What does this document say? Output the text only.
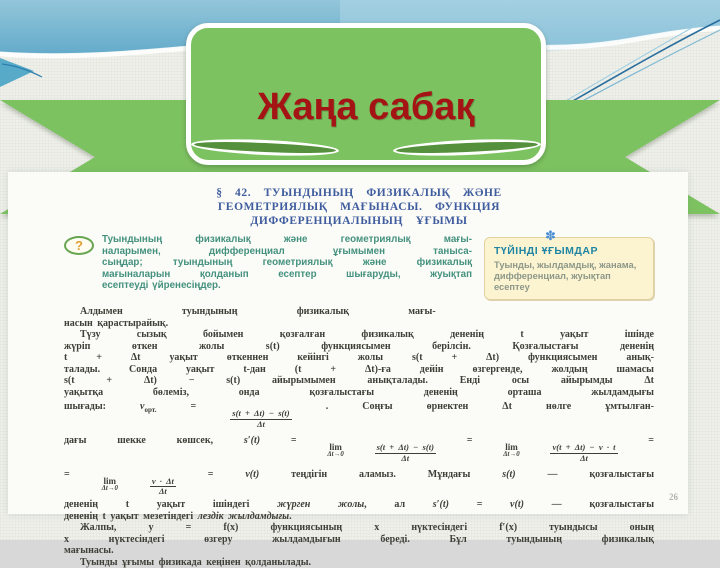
Жаңа сабақ
§ 42. ТУЫНДЫНЫҢ ФИЗИКАЛЫҚ ЖӘНЕ
ГЕОМЕТРИЯЛЫҚ МАҒЫНАСЫ. ФУНКЦИЯ
ДИФФЕРЕНЦИАЛЫНЫҢ ҰҒЫМЫ
? Туындының физикалық және геометриялық мағы-
наларымен, дифференциал ұғымымен таныса-
сыңдар; туындының геометриялық және физикалық
мағыналарын қолданып есептер шығаруды, жуықтап
есептеуді үйренесіңдер.
✽
ТҮЙІНДІ ҰҒЫМДАР
Туынды, жылдамдық, жанама, дифференциал, жуықтап есептеу
Алдымен туындының физикалық мағы-
насын қарастырайық.
Түзу сызық бойымен қозғалған физикалық дененің t уақыт ішінде
жүріп өткен жолы s(t) функциясымен берілсін. Қозғалыстағы дененің
t + Δt уақыт өткеннен кейінгі жолы s(t + Δt) функциясымен анық-
талады. Сонда уақыт t-дан (t + Δt)-ға дейін өзгергенде, жолдың шамасы
s(t + Δt) − s(t) айырымымен анықталады. Енді осы айырымды Δt
уақытқа бөлеміз, онда қозғалыстағы дененің орташа жылдамдығы
шығады: $v_{орт.}$ =
$\frac{s(t + \Delta t) - s(t)}{\Delta t}$
. Соңғы өрнектен Δt нөлге ұмтылған-
дағы шекке көшсек, s′(t) =
lim
Δt→0
	$\frac{s(t + \Delta t) - s(t)}{\Delta t}$
=
lim
Δt→0
	$\frac{v(t + \Delta t) - v \cdot t}{\Delta t}$
=
=
lim
Δt→0
	$\frac{v \cdot \Delta t}{\Delta t}$
= v(t) теңдігін аламыз. Мұндағы s(t) — қозғалыстағы
дененің t уақыт ішіндегі жүрген жолы, ал s′(t) = v(t) — қозғалыстағы
дененің t уақыт мезетіндегі лездік жылдамдығы.
Жалпы, y = f(x) функциясының x нүктесіндегі f′(x) туындысы оның
x нүктесіндегі өзгеру жылдамдығын береді. Бұл туындының физикалық
мағынасы.
Туынды ұғымы физикада кеңінен қолданылады.
26
